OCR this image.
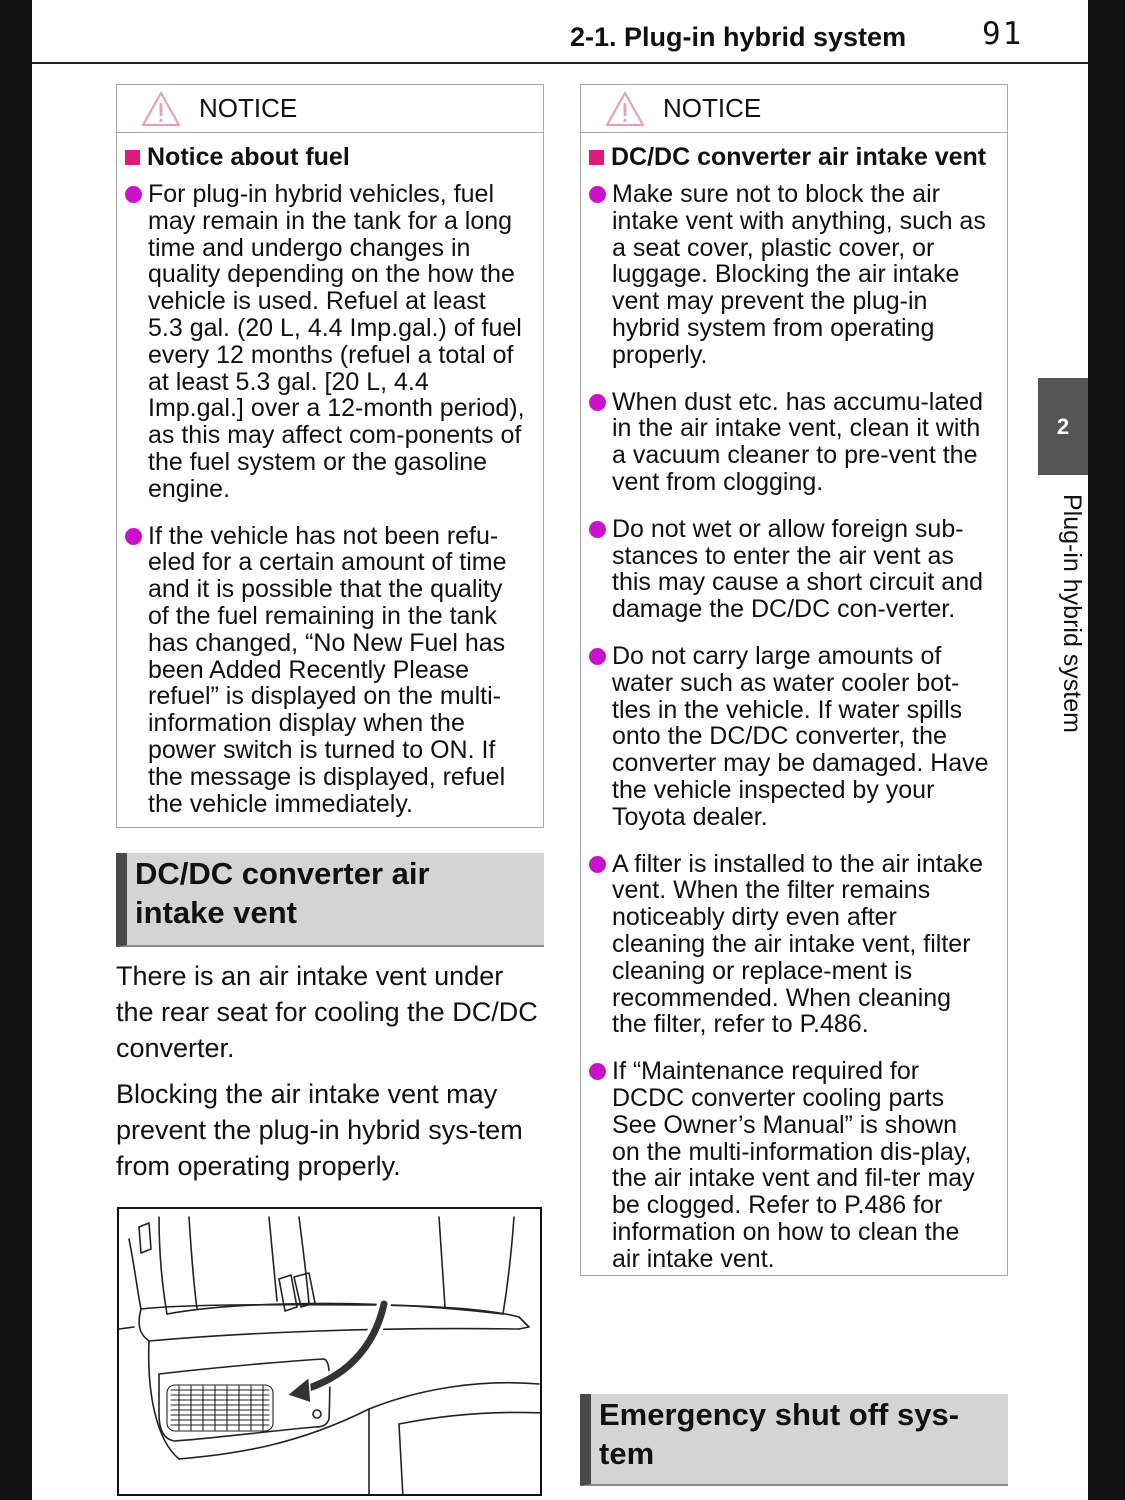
2-1. Plug-in hybrid system 91
2
Plug-in hybrid system
NOTICE
Notice about fuel
For plug-in hybrid vehicles, fuel may remain in the tank for a long time and undergo changes in quality depending on the how the vehicle is used. Refuel at least 5.3 gal. (20 L, 4.4 Imp.gal.) of fuel every 12 months (refuel a total of at least 5.3 gal. [20 L, 4.4 Imp.gal.] over a 12-month period), as this may affect com-ponents of the fuel system or the gasoline engine.
If the vehicle has not been refu-eled for a certain amount of time and it is possible that the quality of the fuel remaining in the tank has changed, “No New Fuel has been Added Recently Please refuel” is displayed on the multi-information display when the power switch is turned to ON. If the message is displayed, refuel the vehicle immediately.
DC/DC converter air intake vent
There is an air intake vent under the rear seat for cooling the DC/DC converter.
Blocking the air intake vent may prevent the plug-in hybrid sys-tem from operating properly.
NOTICE
DC/DC converter air intake vent
Make sure not to block the air intake vent with anything, such as a seat cover, plastic cover, or luggage. Blocking the air intake vent may prevent the plug-in hybrid system from operating properly.
When dust etc. has accumu-lated in the air intake vent, clean it with a vacuum cleaner to pre-vent the vent from clogging.
Do not wet or allow foreign sub-stances to enter the air vent as this may cause a short circuit and damage the DC/DC con-verter.
Do not carry large amounts of water such as water cooler bot-tles in the vehicle. If water spills onto the DC/DC converter, the converter may be damaged. Have the vehicle inspected by your Toyota dealer.
A filter is installed to the air intake vent. When the filter remains noticeably dirty even after cleaning the air intake vent, filter cleaning or replace-ment is recommended. When cleaning the filter, refer to P.486.
If “Maintenance required for DCDC converter cooling parts See Owner’s Manual” is shown on the multi-information dis-play, the air intake vent and fil-ter may be clogged. Refer to P.486 for information on how to clean the air intake vent.
Emergency shut off sys-tem
